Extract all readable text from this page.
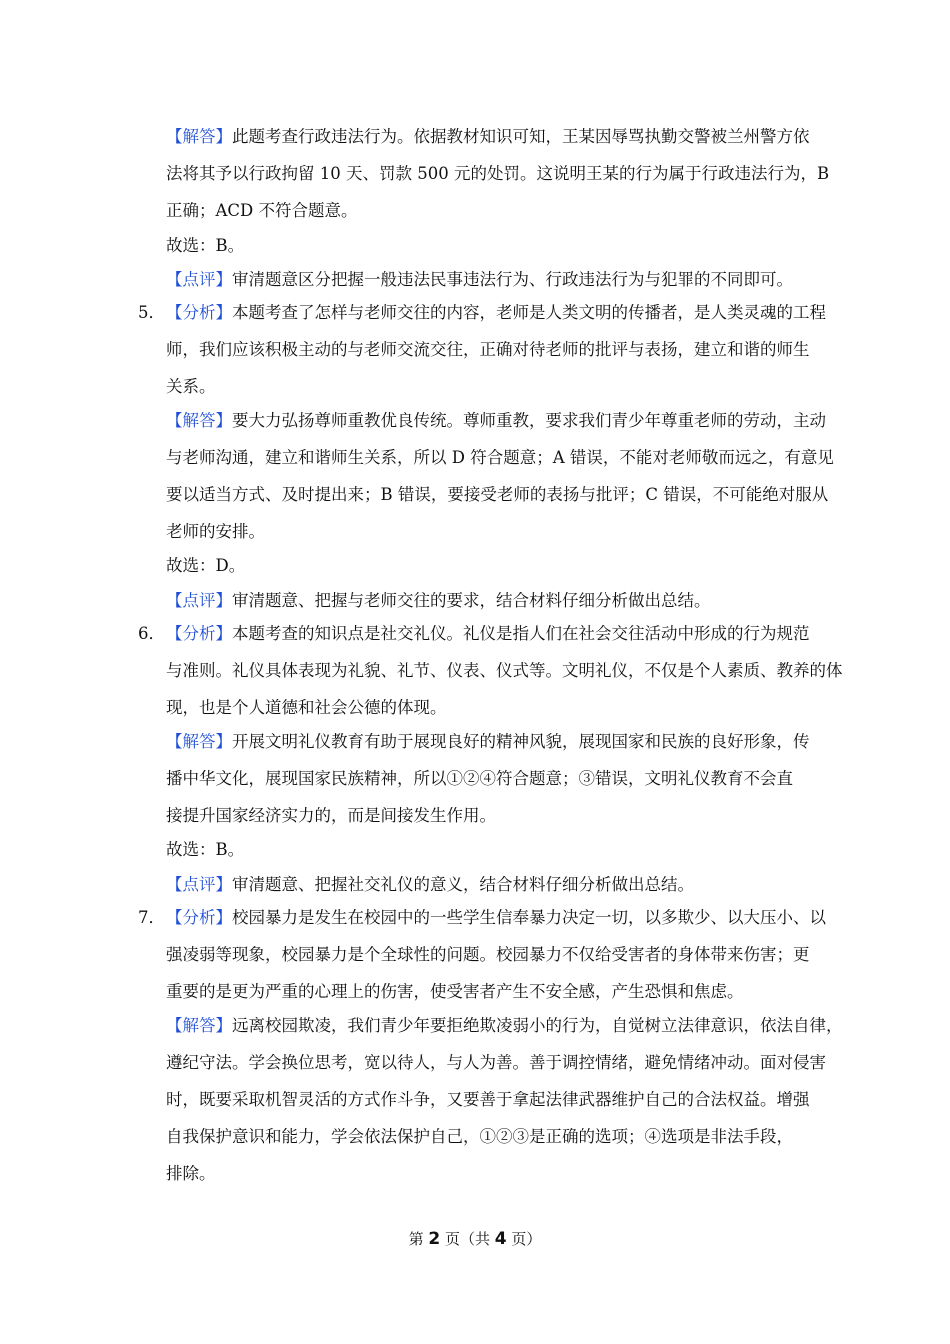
【解答】此题考查行政违法行为。依据教材知识可知，王某因辱骂执勤交警被兰州警方依
法将其予以行政拘留 10 天、罚款 500 元的处罚。这说明王某的行为属于行政违法行为，B
正确；ACD 不符合题意。
故选：B。
【点评】审清题意区分把握一般违法民事违法行为、行政违法行为与犯罪的不同即可。
5． 【分析】本题考查了怎样与老师交往的内容，老师是人类文明的传播者，是人类灵魂的工程
师，我们应该积极主动的与老师交流交往，正确对待老师的批评与表扬，建立和谐的师生
关系。
【解答】要大力弘扬尊师重教优良传统。尊师重教，要求我们青少年尊重老师的劳动，主动
与老师沟通，建立和谐师生关系，所以 D 符合题意；A 错误，不能对老师敬而远之，有意见
要以适当方式、及时提出来；B 错误，要接受老师的表扬与批评；C 错误，不可能绝对服从
老师的安排。
故选：D。
【点评】审清题意、把握与老师交往的要求，结合材料仔细分析做出总结。
6． 【分析】本题考查的知识点是社交礼仪。礼仪是指人们在社会交往活动中形成的行为规范
与准则。礼仪具体表现为礼貌、礼节、仪表、仪式等。文明礼仪，不仅是个人素质、教养的体
现，也是个人道德和社会公德的体现。
【解答】开展文明礼仪教育有助于展现良好的精神风貌，展现国家和民族的良好形象，传
播中华文化，展现国家民族精神，所以①②④符合题意；③错误，文明礼仪教育不会直
接提升国家经济实力的，而是间接发生作用。
故选：B。
【点评】审清题意、把握社交礼仪的意义，结合材料仔细分析做出总结。
7． 【分析】校园暴力是发生在校园中的一些学生信奉暴力决定一切，以多欺少、以大压小、以
强凌弱等现象，校园暴力是个全球性的问题。校园暴力不仅给受害者的身体带来伤害；更
重要的是更为严重的心理上的伤害，使受害者产生不安全感，产生恐惧和焦虑。
【解答】远离校园欺凌，我们青少年要拒绝欺凌弱小的行为，自觉树立法律意识，依法自律，
遵纪守法。学会换位思考，宽以待人，与人为善。善于调控情绪，避免情绪冲动。面对侵害
时，既要采取机智灵活的方式作斗争，又要善于拿起法律武器维护自己的合法权益。增强
自我保护意识和能力，学会依法保护自己，①②③是正确的选项；④选项是非法手段，
排除。
第 2 页（共 4 页）
